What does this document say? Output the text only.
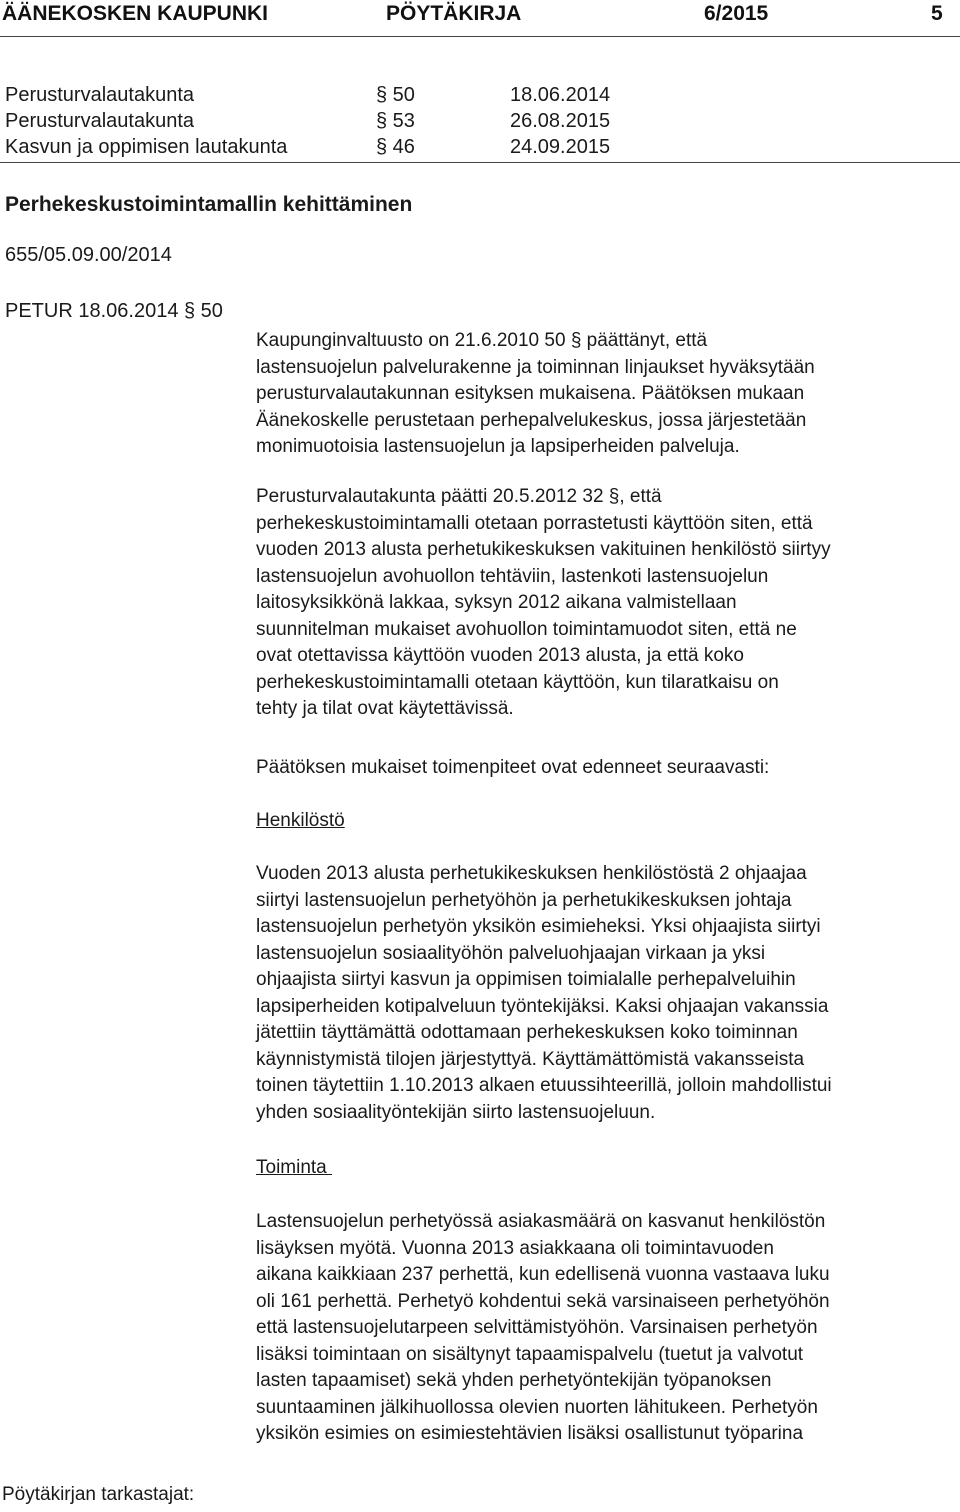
ÄÄNEKOSKEN KAUPUNKI	PÖYTÄKIRJA	6/2015	5
Perusturvalautakunta	§ 50	18.06.2014
Perusturvalautakunta	§ 53	26.08.2015
Kasvun ja oppimisen lautakunta	§ 46	24.09.2015
Perhekeskustoimintamallin kehittäminen
655/05.09.00/2014
PETUR 18.06.2014 § 50

Kaupunginvaltuusto on 21.6.2010 50 § päättänyt, että

lastensuojelun palvelurakenne ja toiminnan linjaukset hyväksytään

perusturvalautakunnan esityksen mukaisena. Päätöksen mukaan

Äänekoskelle perustetaan perhepalvelukeskus, jossa järjestetään

monimuotoisia lastensuojelun ja lapsiperheiden palveluja.

Perusturvalautakunta päätti 20.5.2012 32 §, että

perhekeskustoimintamalli otetaan porrastetusti käyttöön siten, että

vuoden 2013 alusta perhetukikeskuksen vakituinen henkilöstö siirtyy

lastensuojelun avohuollon tehtäviin, lastenkoti lastensuojelun

laitosyksikkönä lakkaa, syksyn 2012 aikana valmistellaan

suunnitelman mukaiset avohuollon toimintamuodot siten, että ne

ovat otettavissa käyttöön vuoden 2013 alusta, ja että koko

perhekeskustoimintamalli otetaan käyttöön, kun tilaratkaisu on

tehty ja tilat ovat käytettävissä.

Päätöksen mukaiset toimenpiteet ovat edenneet seuraavasti:

Henkilöstö

Vuoden 2013 alusta perhetukikeskuksen henkilöstöstä 2 ohjaajaa

siirtyi lastensuojelun perhetyöhön ja perhetukikeskuksen johtaja

lastensuojelun perhetyön yksikön esimieheksi. Yksi ohjaajista siirtyi

lastensuojelun sosiaalityöhön palveluohjaajan virkaan ja yksi

ohjaajista siirtyi kasvun ja oppimisen toimialalle perhepalveluihin

lapsiperheiden kotipalveluun työntekijäksi. Kaksi ohjaajan vakanssia

jätettiin täyttämättä odottamaan perhekeskuksen koko toiminnan

käynnistymistä tilojen järjestyttyä. Käyttämättömistä vakansseista

toinen täytettiin 1.10.2013 alkaen etuussihteerillä, jolloin mahdollistui

yhden sosiaalityöntekijän siirto lastensuojeluun.

Toiminta

Lastensuojelun perhetyössä asiakasmäärä on kasvanut henkilöstön

lisäyksen myötä. Vuonna 2013 asiakkaana oli toimintavuoden

aikana kaikkiaan 237 perhettä, kun edellisenä vuonna vastaava luku

oli 161 perhettä. Perhetyö kohdentui sekä varsinaiseen perhetyöhön

että lastensuojelutarpeen selvittämistyöhön. Varsinaisen perhetyön

lisäksi toimintaan on sisältynyt tapaamispalvelu (tuetut ja valvotut

lasten tapaamiset) sekä yhden perhetyöntekijän työpanoksen

suuntaaminen jälkihuollossa olevien nuorten lähitukeen. Perhetyön

yksikön esimies on esimiestehtävien lisäksi osallistunut työparina

Pöytäkirjan tarkastajat:
